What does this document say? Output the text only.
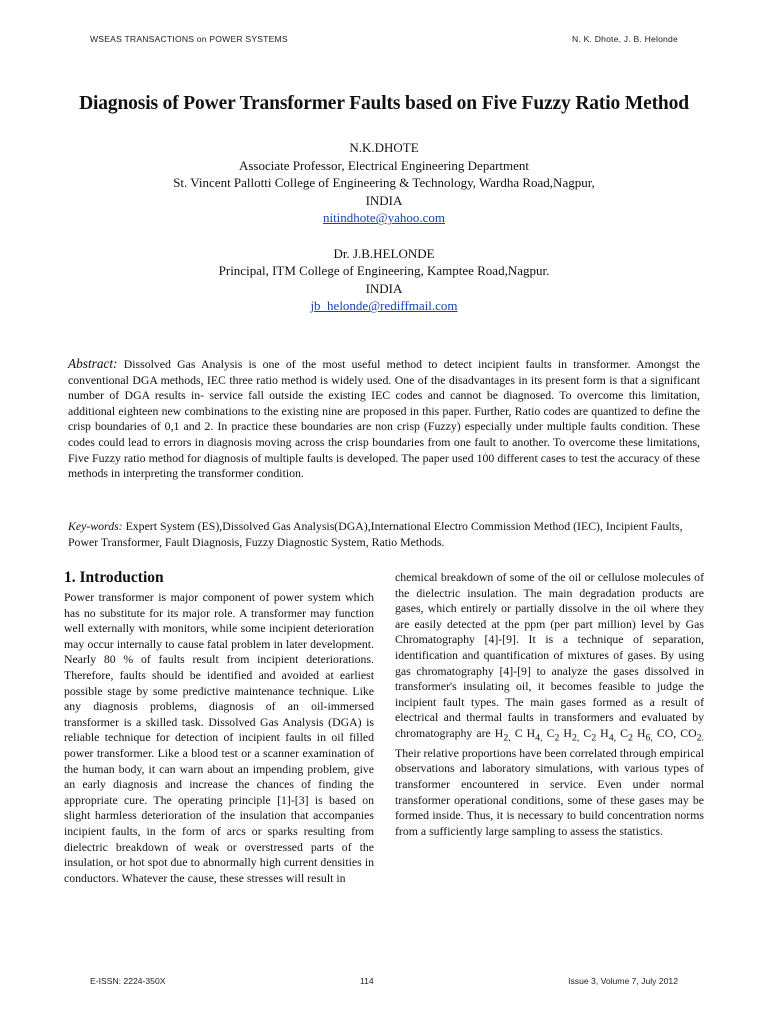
WSEAS TRANSACTIONS on POWER SYSTEMS	N. K. Dhote, J. B. Helonde
Diagnosis of Power Transformer Faults based on Five Fuzzy Ratio Method
N.K.DHOTE
Associate Professor, Electrical Engineering Department
St. Vincent Pallotti College of Engineering & Technology, Wardha Road,Nagpur,
INDIA
nitindhote@yahoo.com
Dr. J.B.HELONDE
Principal, ITM College of Engineering, Kamptee Road,Nagpur.
INDIA
jb_helonde@rediffmail.com
Abstract: Dissolved Gas Analysis is one of the most useful method to detect incipient faults in transformer. Amongst the conventional DGA methods, IEC three ratio method is widely used. One of the disadvantages in its present form is that a significant number of DGA results in- service fall outside the existing IEC codes and cannot be diagnosed. To overcome this limitation, additional eighteen new combinations to the existing nine are proposed in this paper. Further, Ratio codes are quantized to define the crisp boundaries of 0,1 and 2. In practice these boundaries are non crisp (Fuzzy) especially under multiple faults condition. These codes could lead to errors in diagnosis moving across the crisp boundaries from one fault to another. To overcome these limitations, Five Fuzzy ratio method for diagnosis of multiple faults is developed. The paper used 100 different cases to test the accuracy of these methods in interpreting the transformer condition.
Key-words: Expert System (ES),Dissolved Gas Analysis(DGA),International Electro Commission Method (IEC), Incipient Faults, Power Transformer, Fault Diagnosis, Fuzzy Diagnostic System, Ratio Methods.
1. Introduction

Power transformer is major component of power system which has no substitute for its major role. A transformer may function well externally with monitors, while some incipient deterioration may occur internally to cause fatal problem in later development. Nearly 80 % of faults result from incipient deteriorations. Therefore, faults should be identified and avoided at earliest possible stage by some predictive maintenance technique. Like any diagnosis problems, diagnosis of an oil-immersed transformer is a skilled task. Dissolved Gas Analysis (DGA) is reliable technique for detection of incipient faults in oil filled power transformer. Like a blood test or a scanner examination of the human body, it can warn about an impending problem, give an early diagnosis and increase the chances of finding the appropriate cure. The operating principle [1]-[3] is based on slight harmless deterioration of the insulation that accompanies incipient faults, in the form of arcs or sparks resulting from dielectric breakdown of weak or overstressed parts of the insulation, or hot spot due to abnormally high current densities in conductors. Whatever the cause, these stresses will result in

chemical breakdown of some of the oil or cellulose molecules of the dielectric insulation. The main degradation products are gases, which entirely or partially dissolve in the oil where they are easily detected at the ppm (per part million) level by Gas Chromatography [4]-[9]. It is a technique of separation, identification and quantification of mixtures of gases. By using gas chromatography [4]-[9] to analyze the gases dissolved in transformer's insulating oil, it becomes feasible to judge the incipient fault types. The main gases formed as a result of electrical and thermal faults in transformers and evaluated by chromatography are $H_{2,}$ C $H_{4,}$ $C_2$ $H_{2,}$ $C_2$ $H_{4,}$ $C_2$ $H_{6,}$ CO, $CO_{2.}$ Their relative proportions have been correlated through empirical observations and laboratory simulations, with various types of transformer encountered in service. Even under normal transformer operational conditions, some of these gases may be formed inside. Thus, it is necessary to build concentration norms from a sufficiently large sampling to assess the statistics.

E-ISSN: 2224-350X	114	Issue 3, Volume 7, July 2012
